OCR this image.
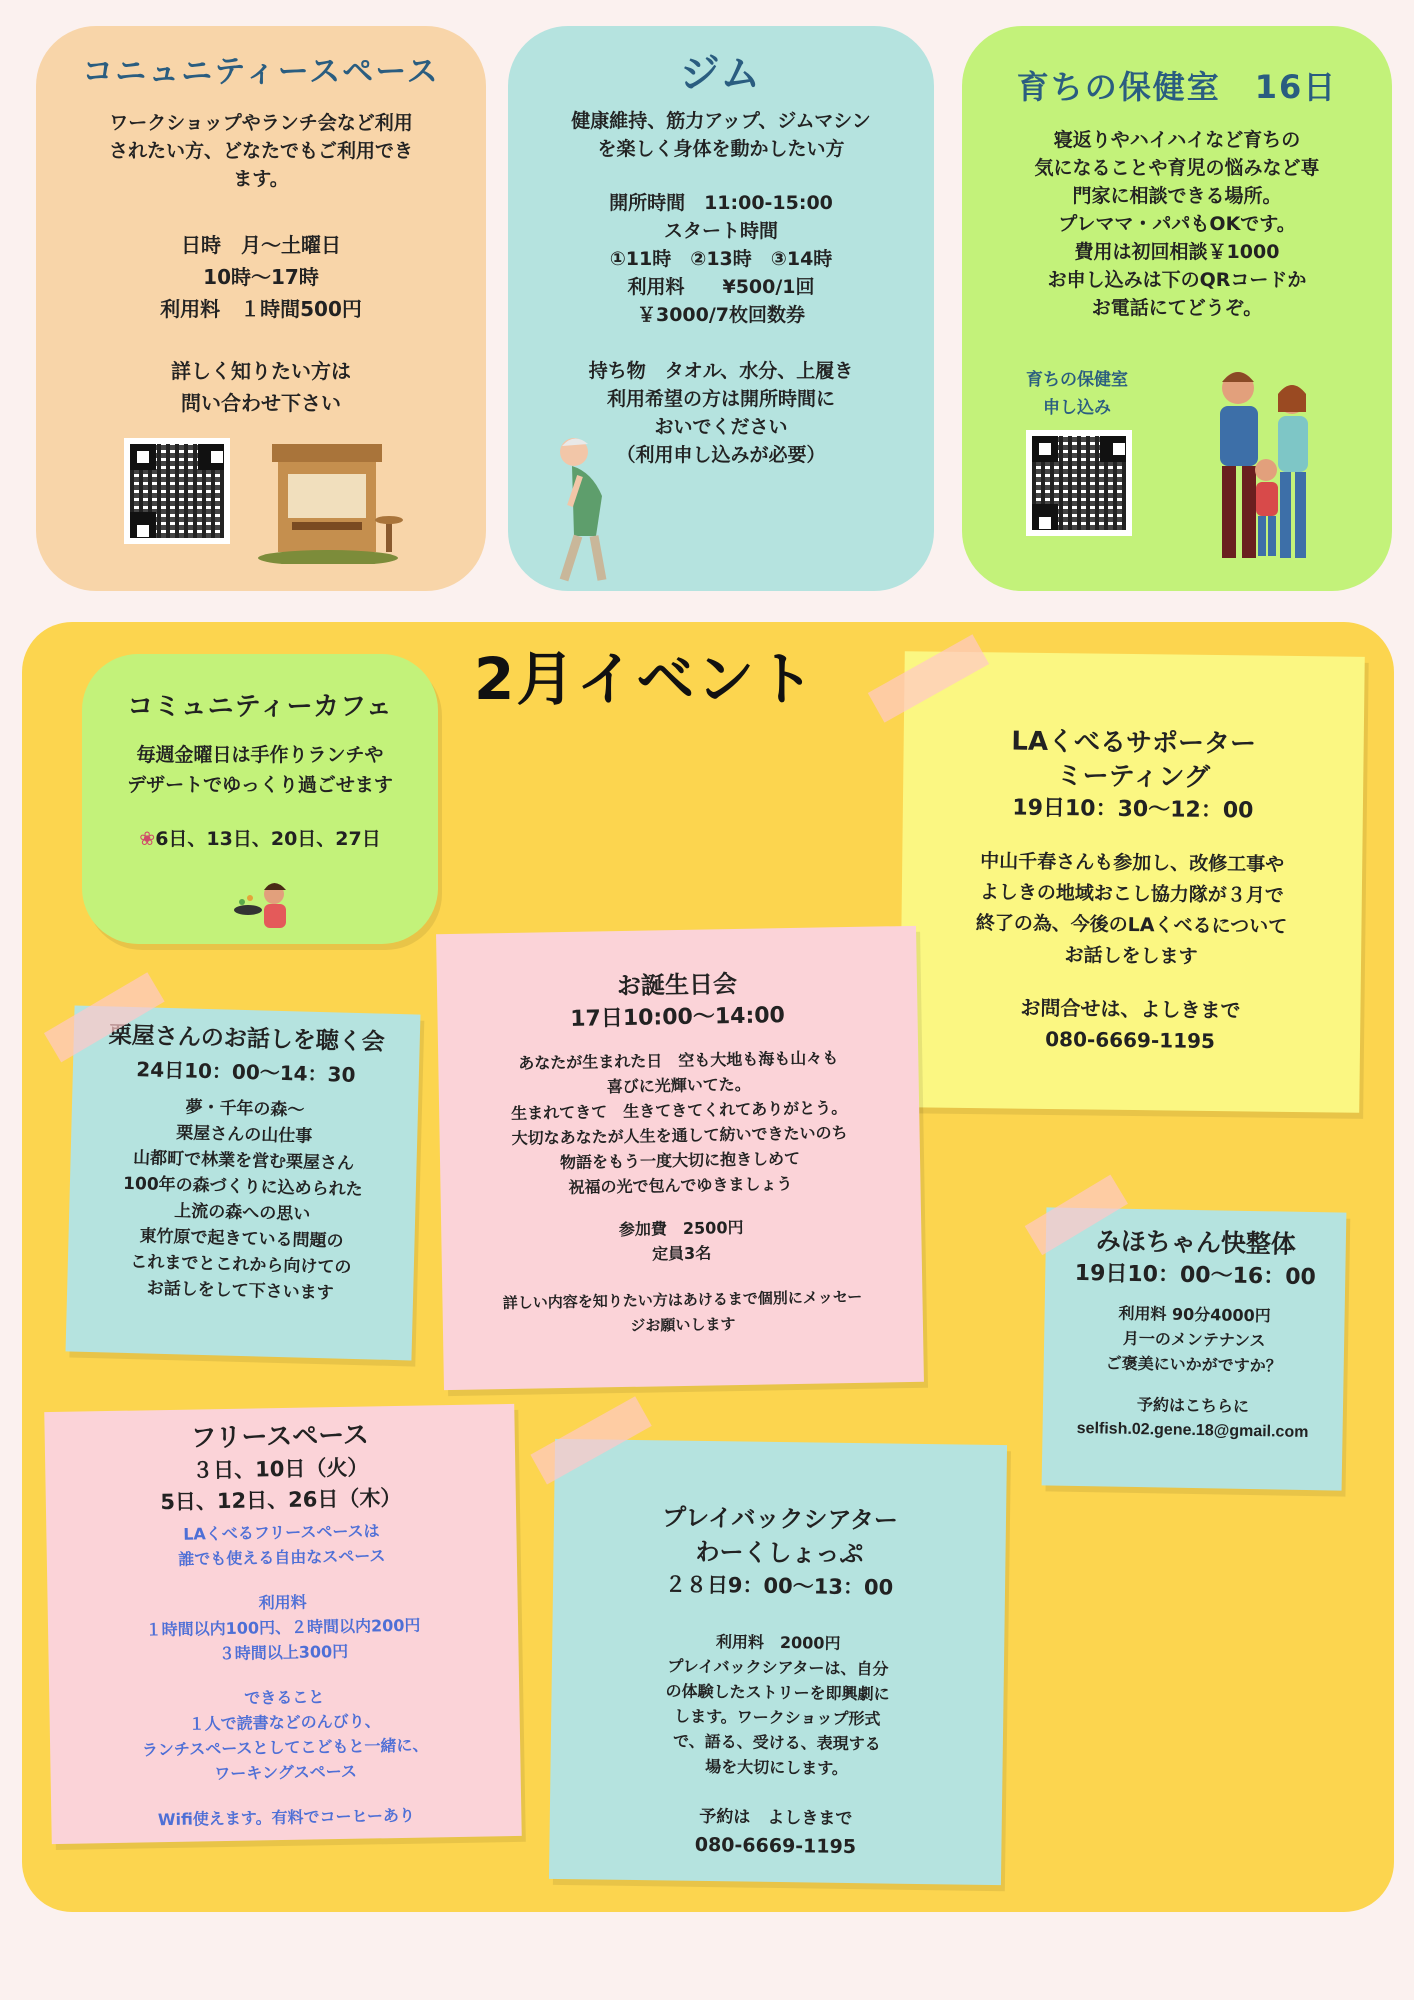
コニュニティースペース

ワークショップやランチ会など利用
されたい方、どなたでもご利用でき
ます。

日時　月～土曜日
10時～17時
利用料　１時間500円

詳しく知りたい方は
問い合わせ下さい

ジム

健康維持、筋力アップ、ジムマシン
を楽しく身体を動かしたい方

開所時間　11:00-15:00
スタート時間
①11時　②13時　③14時
利用料　　¥500/1回
￥3000/7枚回数券

持ち物　タオル、水分、上履き
利用希望の方は開所時間に
おいでください
（利用申し込みが必要）

育ちの保健室　16日

寝返りやハイハイなど育ちの
気になることや育児の悩みなど専
門家に相談できる場所。
プレママ・パパもOKです。
費用は初回相談￥1000
お申し込みは下のQRコードか
お電話にてどうぞ。

育ちの保健室
申し込み

2月イベント
コミュニティーカフェ

毎週金曜日は手作りランチや
デザートでゆっくり過ごせます

❀6日、13日、20日、27日

LAくべるサポーター
ミーティング
19日10：30～12：00

中山千春さんも参加し、改修工事や
よしきの地域おこし協力隊が３月で
終了の為、今後のLAくべるについて
お話しをします

お問合せは、よしきまで
080-6669-1195

お誕生日会
17日10:00～14:00

あなたが生まれた日　空も大地も海も山々も
喜びに光輝いてた。
生まれてきて　生きてきてくれてありがとう。
大切なあなたが人生を通して紡いできたいのち
物語をもう一度大切に抱きしめて
祝福の光で包んでゆきましょう

参加費　2500円
定員3名

詳しい内容を知りたい方はあけるまで個別にメッセー
ジお願いします

栗屋さんのお話しを聴く会
24日10：00～14：30

夢・千年の森～
栗屋さんの山仕事
山都町で林業を営む栗屋さん
100年の森づくりに込められた
上流の森への思い
東竹原で起きている問題の
これまでとこれから向けての
お話しをして下さいます

みほちゃん快整体
19日10：00～16：00

利用料 90分4000円
月一のメンテナンス
ご褒美にいかがですか？

予約はこちらに
selfish.02.gene.18@gmail.com

フリースペース
３日、10日（火）
5日、12日、26日（木）

LAくべるフリースペースは
誰でも使える自由なスペース

利用料
１時間以内100円、２時間以内200円
３時間以上300円

できること
１人で読書などのんびり、
ランチスペースとしてこどもと一緒に、
ワーキングスペース

Wifi使えます。有料でコーヒーあり

プレイバックシアター
わーくしょっぷ
２８日9：00～13：00

利用料　2000円
プレイバックシアターは、自分
の体験したストリーを即興劇に
します。ワークショップ形式
で、語る、受ける、表現する
場を大切にします。

予約は　よしきまで
080-6669-1195
